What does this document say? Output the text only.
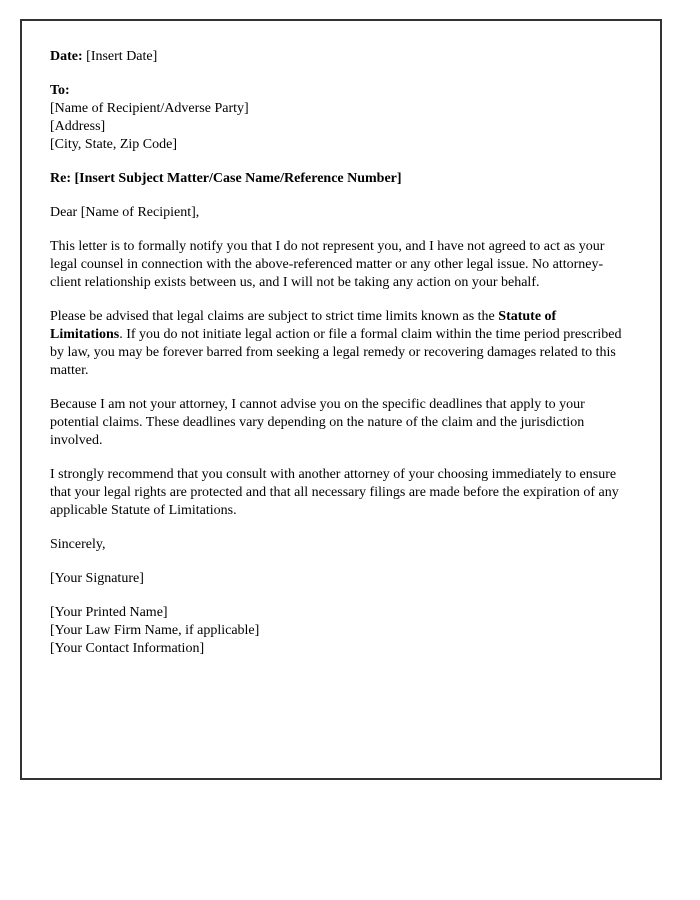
Date: [Insert Date]

To:
[Name of Recipient/Adverse Party]
[Address]
[City, State, Zip Code]

Re: [Insert Subject Matter/Case Name/Reference Number]

Dear [Name of Recipient],

This letter is to formally notify you that I do not represent you, and I have not agreed to act as your legal counsel in connection with the above-referenced matter or any other legal issue. No attorney-client relationship exists between us, and I will not be taking any action on your behalf.

Please be advised that legal claims are subject to strict time limits known as the Statute of Limitations. If you do not initiate legal action or file a formal claim within the time period prescribed by law, you may be forever barred from seeking a legal remedy or recovering damages related to this matter.

Because I am not your attorney, I cannot advise you on the specific deadlines that apply to your potential claims. These deadlines vary depending on the nature of the claim and the jurisdiction involved.

I strongly recommend that you consult with another attorney of your choosing immediately to ensure that your legal rights are protected and that all necessary filings are made before the expiration of any applicable Statute of Limitations.

Sincerely,

[Your Signature]

[Your Printed Name]
[Your Law Firm Name, if applicable]
[Your Contact Information]
